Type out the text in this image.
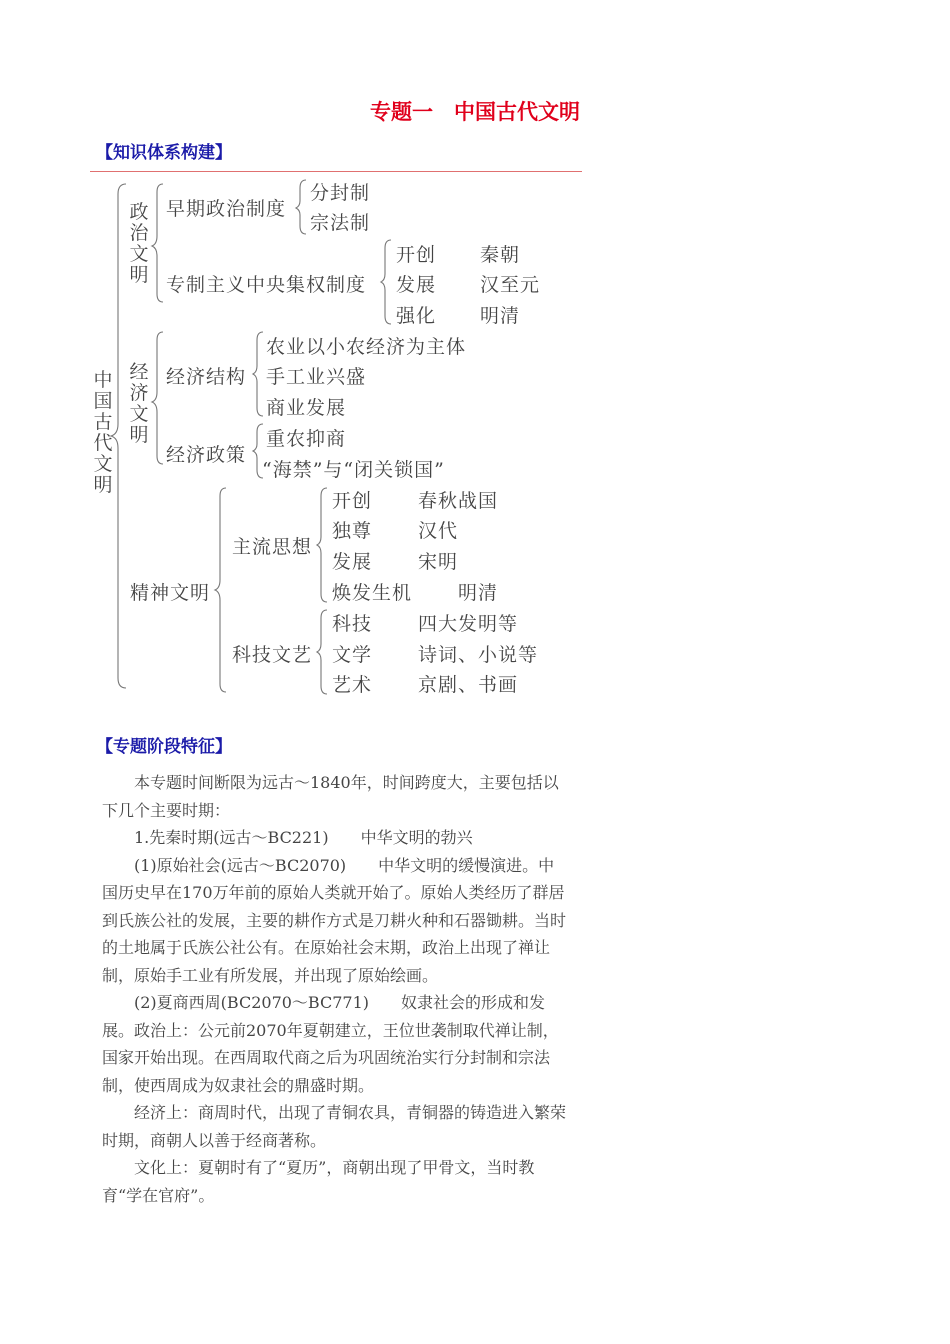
专题一　中国古代文明
【知识体系构建】
中国古代文明
政治文明
早期政治制度
分封制
宗法制
专制主义中央集权制度
开创 秦朝
发展 汉至元
强化 明清
经济文明
经济结构
农业以小农经济为主体
手工业兴盛
商业发展
经济政策
重农抑商
“海禁”与“闭关锁国”
精神文明
主流思想
开创 春秋战国
独尊 汉代
发展 宋明
焕发生机 明清
科技文艺
科技 四大发明等
文学 诗词、小说等
艺术 京剧、书画
【专题阶段特征】

本专题时间断限为远古～1840年，时间跨度大，主要包括以下几个主要时期：

1.先秦时期(远古～BC221)　　中华文明的勃兴

(1)原始社会(远古～BC2070)　　中华文明的缓慢演进。中国历史早在170万年前的原始人类就开始了。原始人类经历了群居到氏族公社的发展，主要的耕作方式是刀耕火种和石器锄耕。当时的土地属于氏族公社公有。在原始社会末期，政治上出现了禅让制，原始手工业有所发展，并出现了原始绘画。

(2)夏商西周(BC2070～BC771)　　奴隶社会的形成和发展。政治上：公元前2070年夏朝建立，王位世袭制取代禅让制，国家开始出现。在西周取代商之后为巩固统治实行分封制和宗法制，使西周成为奴隶社会的鼎盛时期。

经济上：商周时代，出现了青铜农具，青铜器的铸造进入繁荣时期，商朝人以善于经商著称。

文化上：夏朝时有了“夏历”，商朝出现了甲骨文，当时教育“学在官府”。
